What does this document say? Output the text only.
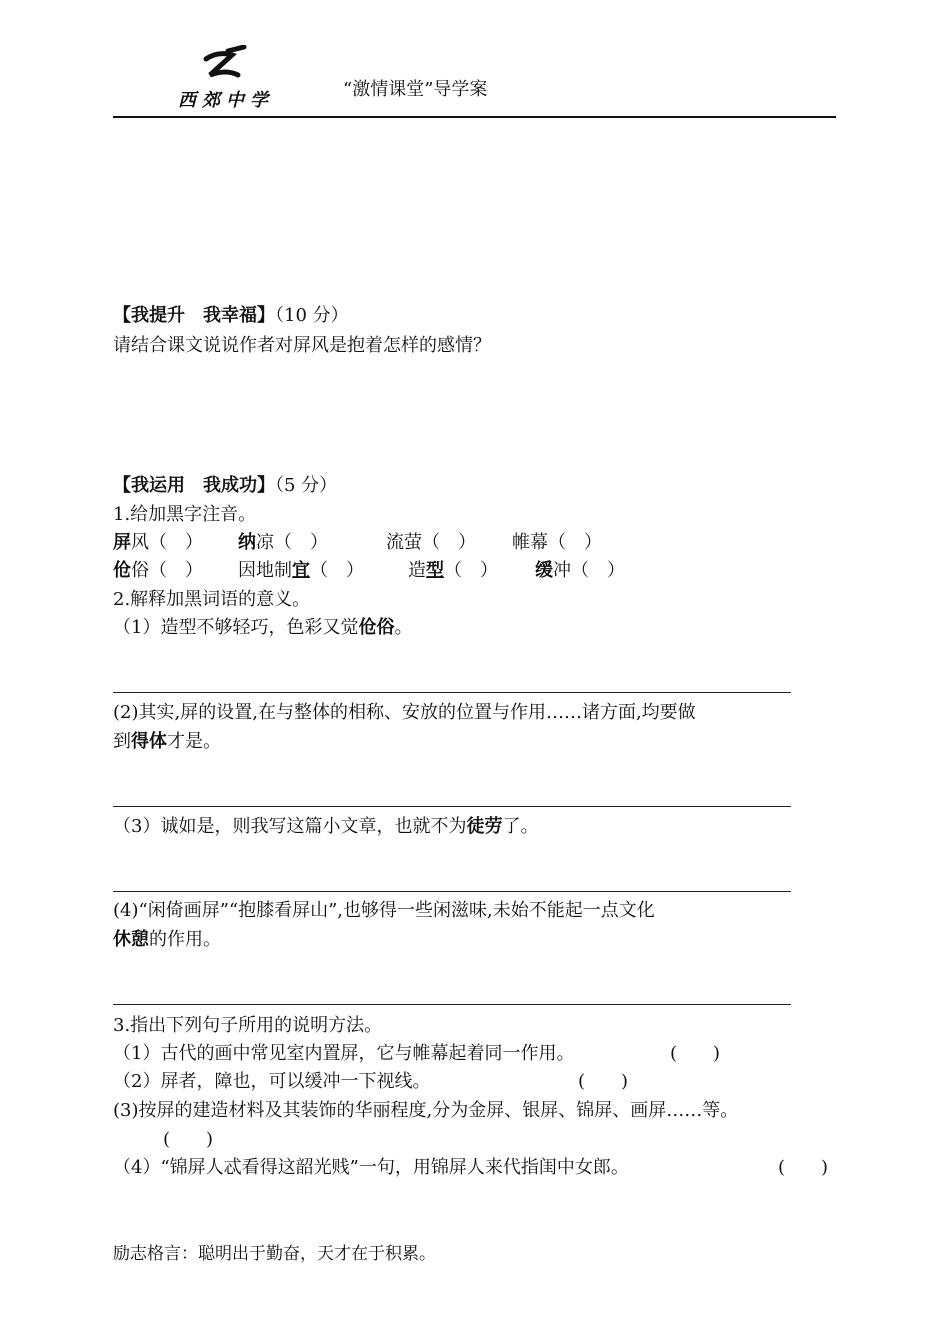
西郊中学
“激情课堂”导学案
【我提升　我幸福】（10 分）
请结合课文说说作者对屏风是抱着怎样的感情？
【我运用　我成功】（5 分）
1.给加黑字注音。
屏风（　） 纳凉（　）	流萤（　） 帷幕（　）
伧俗（　） 因地制宜（　） 造型（　） 缓冲（　）
2.解释加黑词语的意义。
（1）造型不够轻巧，色彩又觉伧俗。
(2)其实,屏的设置,在与整体的相称、安放的位置与作用……诸方面,均要做
到得体才是。
（3）诚如是，则我写这篇小文章，也就不为徒劳了。
(4)“闲倚画屏”“抱膝看屏山”,也够得一些闲滋味,未始不能起一点文化
休憩的作用。
3.指出下列句子所用的说明方法。
（1）古代的画中常见室内置屏，它与帷幕起着同一作用。	(　　)
（2）屏者，障也，可以缓冲一下视线。	(　　)
(3)按屏的建造材料及其装饰的华丽程度,分为金屏、银屏、锦屏、画屏……等。
(　　)
（4）“锦屏人忒看得这韶光贱”一句，用锦屏人来代指闺中女郎。	(　　)
励志格言：聪明出于勤奋，天才在于积累。
